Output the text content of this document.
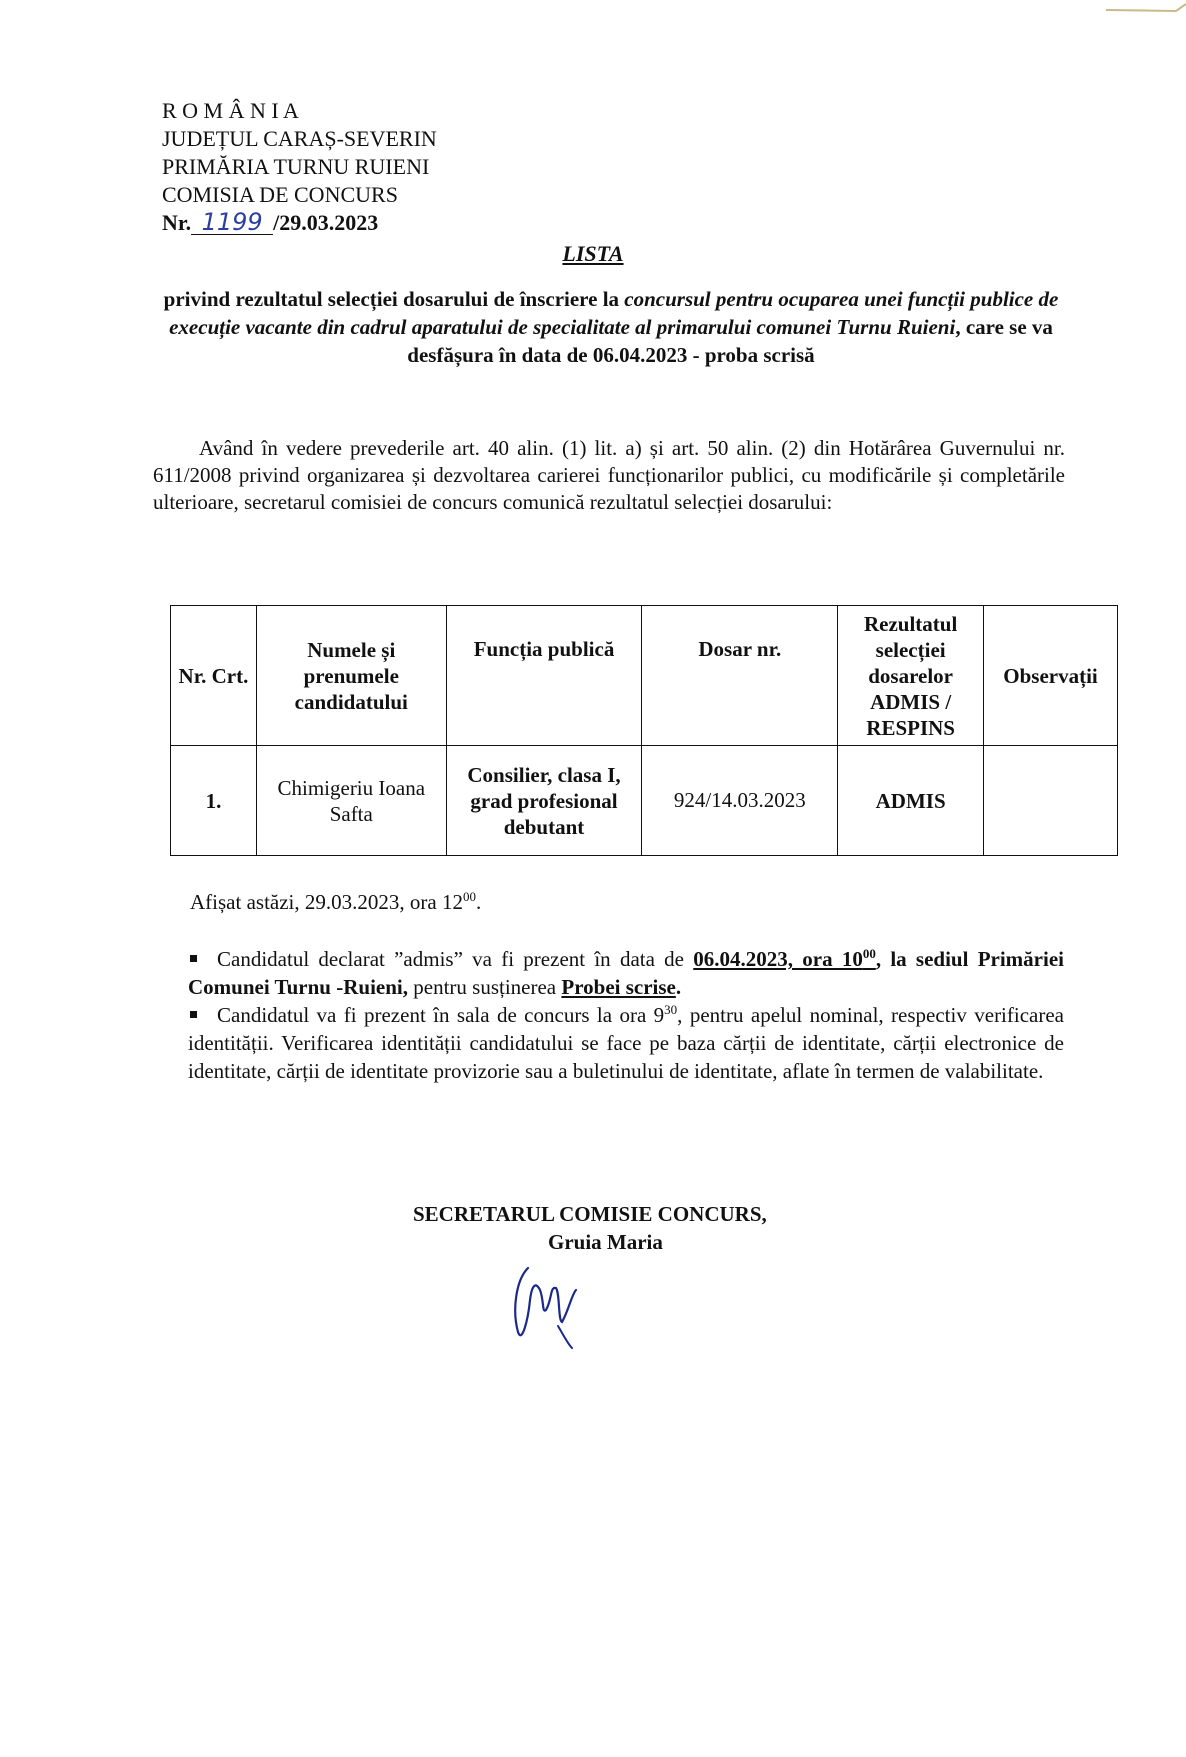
R O M Â N I A
JUDEȚUL CARAȘ-SEVERIN
PRIMĂRIA TURNU RUIENI
COMISIA DE CONCURS
Nr. 1199 /29.03.2023
LISTA
privind rezultatul selecției dosarului de înscriere la concursul pentru ocuparea unei funcții publice de execuție vacante din cadrul aparatului de specialitate al primarului comunei Turnu Ruieni, care se va desfășura în data de 06.04.2023 - proba scrisă
Având în vedere prevederile art. 40 alin. (1) lit. a) și art. 50 alin. (2) din Hotărârea Guvernului nr. 611/2008 privind organizarea și dezvoltarea carierei funcționarilor publici, cu modificările și completările ulterioare, secretarul comisiei de concurs comunică rezultatul selecției dosarului:
Nr. Crt.	Numele și prenumele candidatului	Funcția publică	Dosar nr.	Rezultatul selecției dosarelor ADMIS / RESPINS	Observații
1.	Chimigeriu Ioana Safta	Consilier, clasa I, grad profesional debutant	924/14.03.2023	ADMIS	
Afișat astăzi, 29.03.2023, ora $12^{00}$.

Candidatul declarat ”admis” va fi prezent în data de 06.04.2023, ora $10^{00}$, la sediul Primăriei Comunei Turnu -Ruieni, pentru susținerea Probei scrise.

Candidatul va fi prezent în sala de concurs la ora $9^{30}$, pentru apelul nominal, respectiv verificarea identității. Verificarea identității candidatului se face pe baza cărții de identitate, cărții electronice de identitate, cărții de identitate provizorie sau a buletinului de identitate, aflate în termen de valabilitate.

SECRETARUL COMISIE CONCURS,
Gruia Maria
